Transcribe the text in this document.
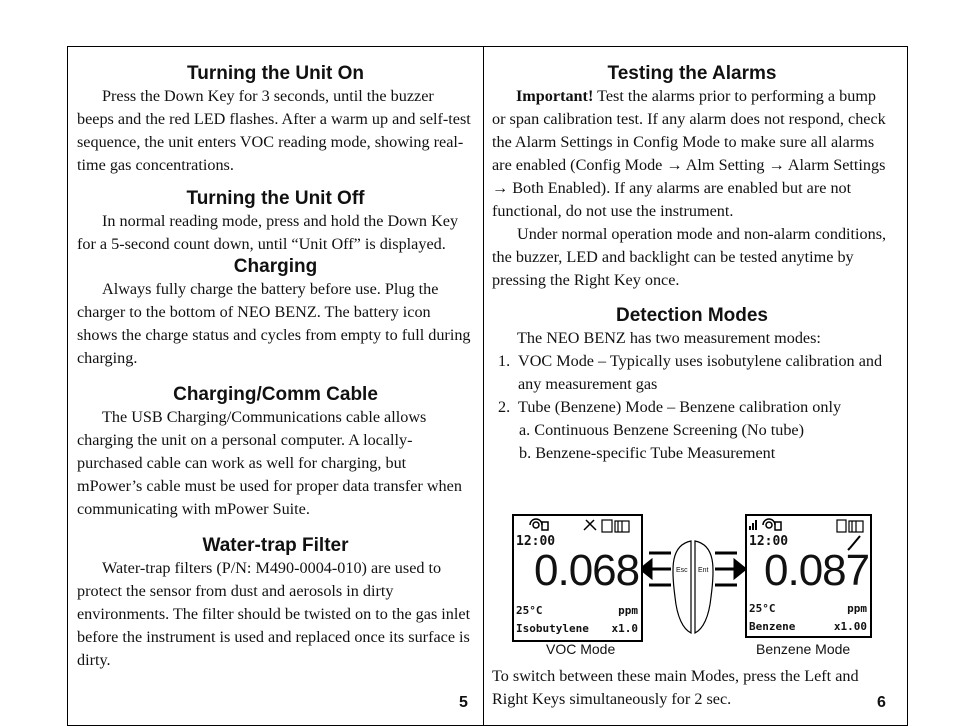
Turning the Unit On

Press the Down Key for 3 seconds, until the buzzer beeps and the red LED flashes. After a warm up and self-test sequence, the unit enters VOC reading mode, showing real-time gas concentrations.

Turning the Unit Off

In normal reading mode, press and hold the Down Key for a 5-second count down, until “Unit Off” is displayed.

Charging

Always fully charge the battery before use. Plug the charger to the bottom of NEO BENZ. The battery icon shows the charge status and cycles from empty to full during charging.

Charging/Comm Cable

The USB Charging/Communications cable allows charging the unit on a personal computer. A locally-purchased cable can work as well for charging, but mPower’s cable must be used for proper data transfer when communicating with mPower Suite.

Water-trap Filter

Water-trap filters (P/N: M490-0004-010) are used to protect the sensor from dust and aerosols in dirty environments. The filter should be twisted on to the gas inlet before the instrument is used and replaced once its surface is dirty.

5
Testing the Alarms

Important! Test the alarms prior to performing a bump or span calibration test. If any alarm does not respond, check the Alarm Settings in Config Mode to make sure all alarms are enabled (Config Mode → Alm Setting → Alarm Settings → Both Enabled). If any alarms are enabled but are not functional, do not use the instrument.

Under normal operation mode and non-alarm conditions, the buzzer, LED and backlight can be tested anytime by pressing the Right Key once.

Detection Modes

The NEO BENZ has two measurement modes:

1. VOC Mode – Typically uses isobutylene calibration and any measurement gas
2. Tube (Benzene) Mode – Benzene calibration only
a. Continuous Benzene Screening (No tube)
b. Benzene-specific Tube Measurement
12:00
0.068
25°C	ppm
Isobutylene x1.0
VOC Mode
Esc Ent
12:00
0.087
25°C	ppm
Benzene	x1.00
Benzene Mode

To switch between these main Modes, press the Left and Right Keys simultaneously for 2 sec.	6
